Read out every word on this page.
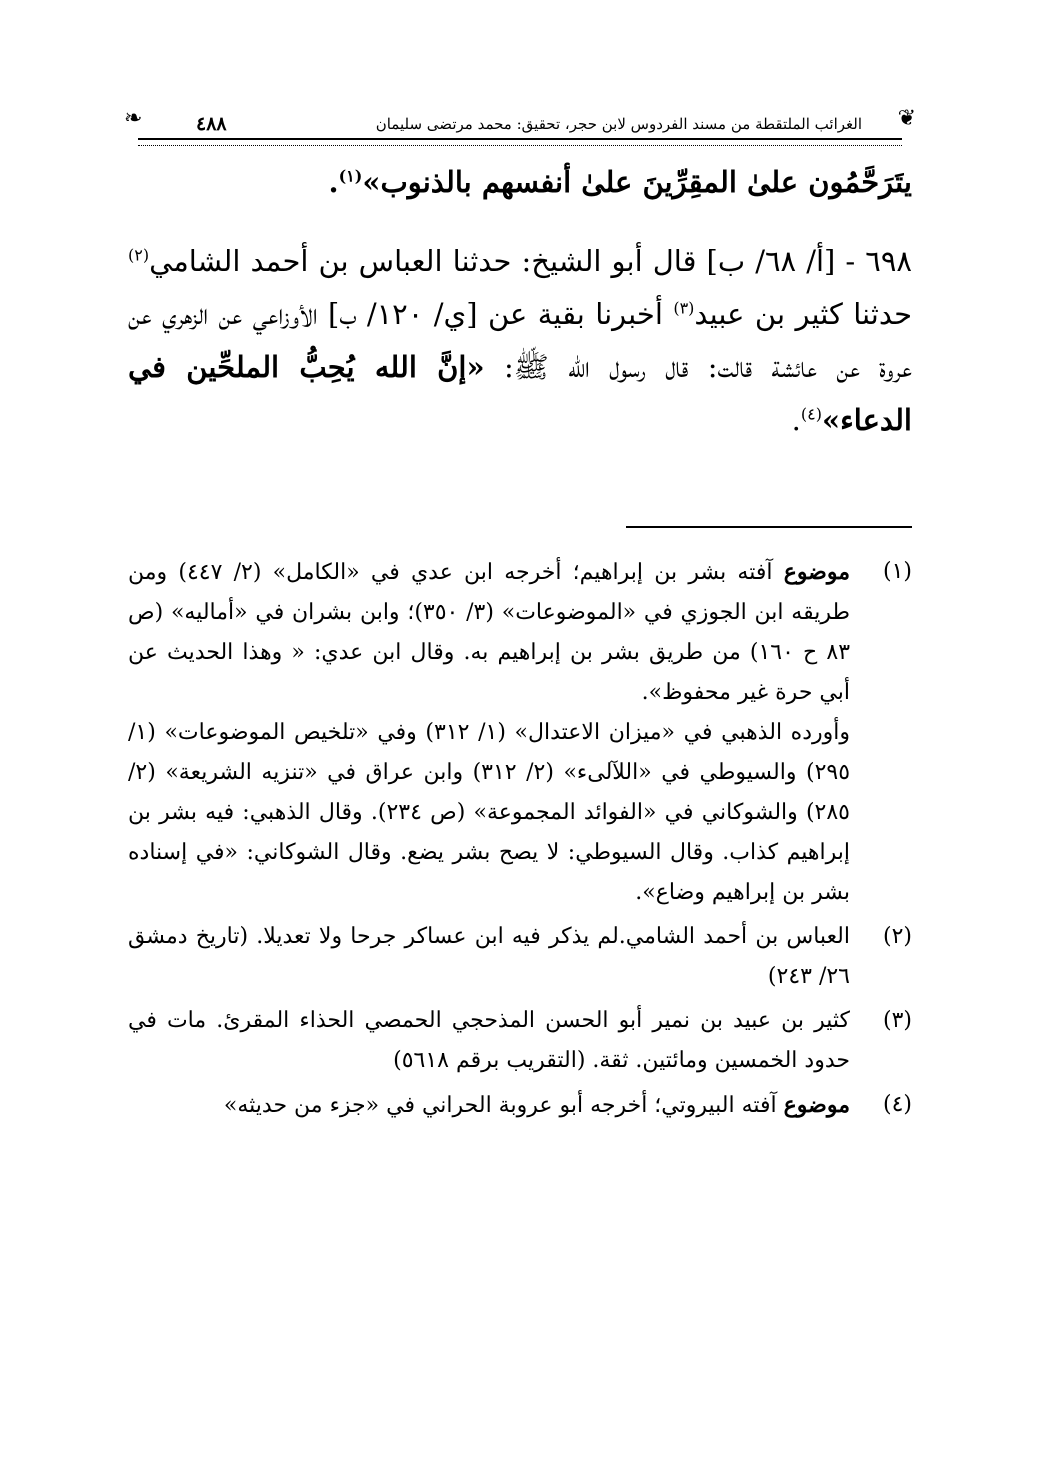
❦
الغرائب الملتقطة من مسند الفردوس لابن حجر، تحقيق: محمد مرتضى سليمان
٤٨٨
❧

يتَرَحَّمُون علىٰ المقِرِّينَ علىٰ أنفسهم بالذنوب»$^{(١)}$.

٦٩٨ - [أ/ ٦٨/ ب] قال أبو الشيخ: حدثنا العباس بن أحمد الشامي$^{(٢)}$ حدثنا كثير بن عبيد$^{(٣)}$ أخبرنا بقية عن [ي/ ١٢٠/ ب] الأوزاعي عن الزهري عن عروة عن عائشة قالت: قال رسول الله ﷺ: «إنَّ الله يُحِبُّ الملحِّين في الدعاء»$^{(٤)}$.

(١)
موضوع آفته بشر بن إبراهيم؛ أخرجه ابن عدي في «الكامل» (٢/ ٤٤٧) ومن طريقه ابن الجوزي في «الموضوعات» (٣/ ٣٥٠)؛ وابن بشران في «أماليه» (ص ٨٣ ح ١٦٠) من طريق بشر بن إبراهيم به. وقال ابن عدي: « وهذا الحديث عن أبي حرة غير محفوظ».

وأورده الذهبي في «ميزان الاعتدال» (١/ ٣١٢) وفي «تلخيص الموضوعات» (١/ ٢٩٥) والسيوطي في «اللآلىء» (٢/ ٣١٢) وابن عراق في «تنزيه الشريعة» (٢/ ٢٨٥) والشوكاني في «الفوائد المجموعة» (ص ٢٣٤). وقال الذهبي: فيه بشر بن إبراهيم كذاب. وقال السيوطي: لا يصح بشر يضع. وقال الشوكاني: «في إسناده بشر بن إبراهيم وضاع».

(٢)
العباس بن أحمد الشامي.لم يذكر فيه ابن عساكر جرحا ولا تعديلا. (تاريخ دمشق ٢٦/ ٢٤٣)
(٣)
كثير بن عبيد بن نمير أبو الحسن المذحجي الحمصي الحذاء المقرئ. مات في حدود الخمسين ومائتين. ثقة. (التقريب برقم ٥٦١٨)
(٤)
موضوع آفته البيروتي؛ أخرجه أبو عروبة الحراني في «جزء من حديثه»
